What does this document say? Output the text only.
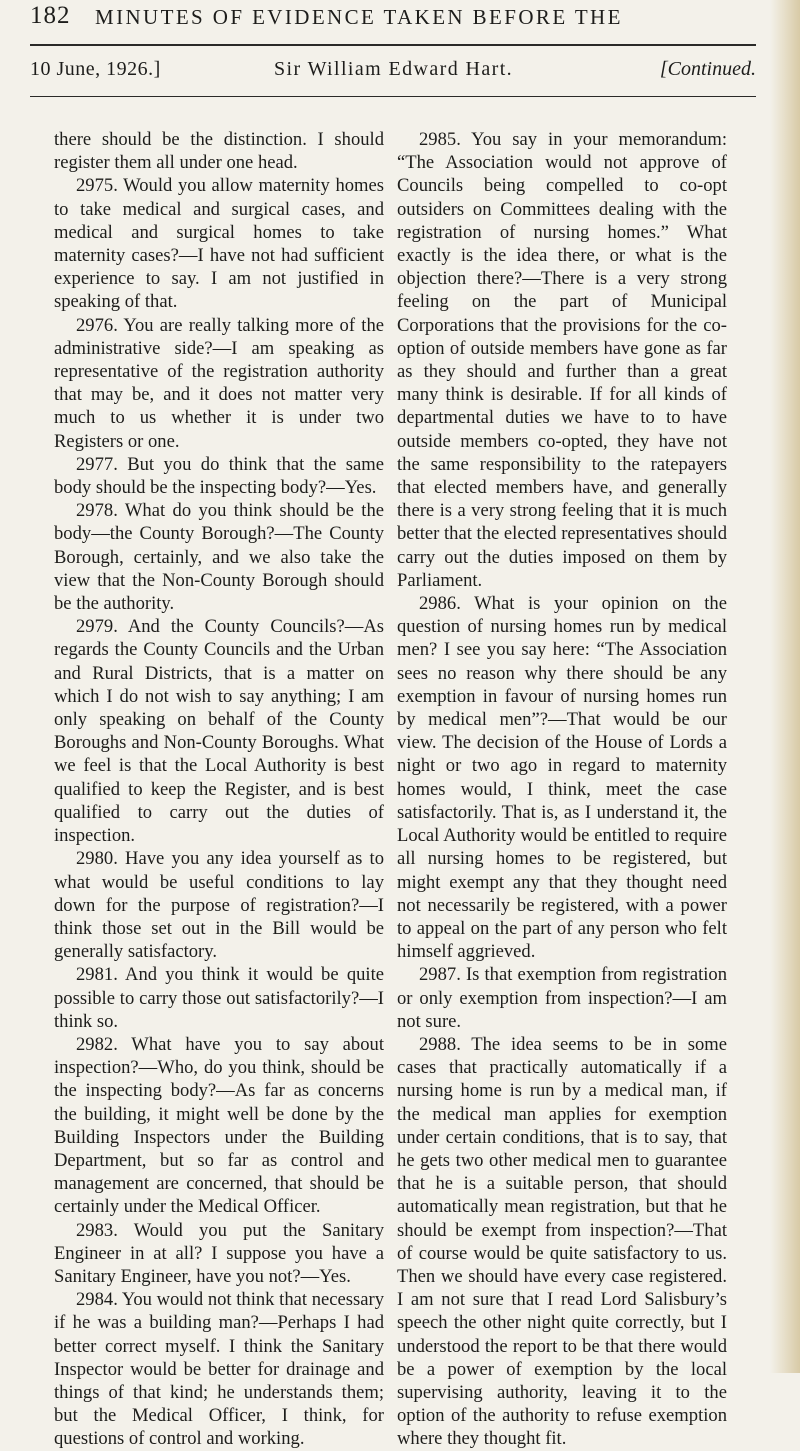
182 MINUTES OF EVIDENCE TAKEN BEFORE THE
10 June, 1926.]	Sir William Edward Hart.	[Continued.

there should be the distinction. I should register them all under one head.

2975. Would you allow maternity homes to take medical and surgical cases, and medical and surgical homes to take maternity cases?—I have not had sufficient experience to say. I am not justified in speaking of that.

2976. You are really talking more of the administrative side?—I am speaking as representative of the registration authority that may be, and it does not matter very much to us whether it is under two Registers or one.

2977. But you do think that the same body should be the inspecting body?—Yes.

2978. What do you think should be the body—the County Borough?—The County Borough, certainly, and we also take the view that the Non-County Borough should be the authority.

2979. And the County Councils?—As regards the County Councils and the Urban and Rural Districts, that is a matter on which I do not wish to say anything; I am only speaking on behalf of the County Boroughs and Non-County Boroughs. What we feel is that the Local Authority is best qualified to keep the Register, and is best qualified to carry out the duties of inspection.

2980. Have you any idea yourself as to what would be useful conditions to lay down for the purpose of registration?—I think those set out in the Bill would be generally satisfactory.

2981. And you think it would be quite possible to carry those out satisfactorily?—I think so.

2982. What have you to say about inspection?—Who, do you think, should be the inspecting body?—As far as concerns the building, it might well be done by the Building Inspectors under the Building Department, but so far as control and management are concerned, that should be certainly under the Medical Officer.

2983. Would you put the Sanitary Engineer in at all? I suppose you have a Sanitary Engineer, have you not?—Yes.

2984. You would not think that necessary if he was a building man?—Perhaps I had better correct myself. I think the Sanitary Inspector would be better for drainage and things of that kind; he understands them; but the Medical Officer, I think, for questions of control and working.

2985. You say in your memorandum: “The Association would not approve of Councils being compelled to co-opt outsiders on Committees dealing with the registration of nursing homes.” What exactly is the idea there, or what is the objection there?—There is a very strong feeling on the part of Municipal Corporations that the provisions for the co-option of outside members have gone as far as they should and further than a great many think is desirable. If for all kinds of departmental duties we have to to have outside members co-opted, they have not the same responsibility to the ratepayers that elected members have, and generally there is a very strong feeling that it is much better that the elected representatives should carry out the duties imposed on them by Parliament.

2986. What is your opinion on the question of nursing homes run by medical men? I see you say here: “The Association sees no reason why there should be any exemption in favour of nursing homes run by medical men”?—That would be our view. The decision of the House of Lords a night or two ago in regard to maternity homes would, I think, meet the case satisfactorily. That is, as I understand it, the Local Authority would be entitled to require all nursing homes to be registered, but might exempt any that they thought need not necessarily be registered, with a power to appeal on the part of any person who felt himself aggrieved.

2987. Is that exemption from registration or only exemption from inspection?—I am not sure.

2988. The idea seems to be in some cases that practically automatically if a nursing home is run by a medical man, if the medical man applies for exemption under certain conditions, that is to say, that he gets two other medical men to guarantee that he is a suitable person, that should automatically mean registration, but that he should be exempt from inspection?—That of course would be quite satisfactory to us. Then we should have every case registered. I am not sure that I read Lord Salisbury’s speech the other night quite correctly, but I understood the report to be that there would be a power of exemption by the local supervising authority, leaving it to the option of the authority to refuse exemption where they thought fit.
